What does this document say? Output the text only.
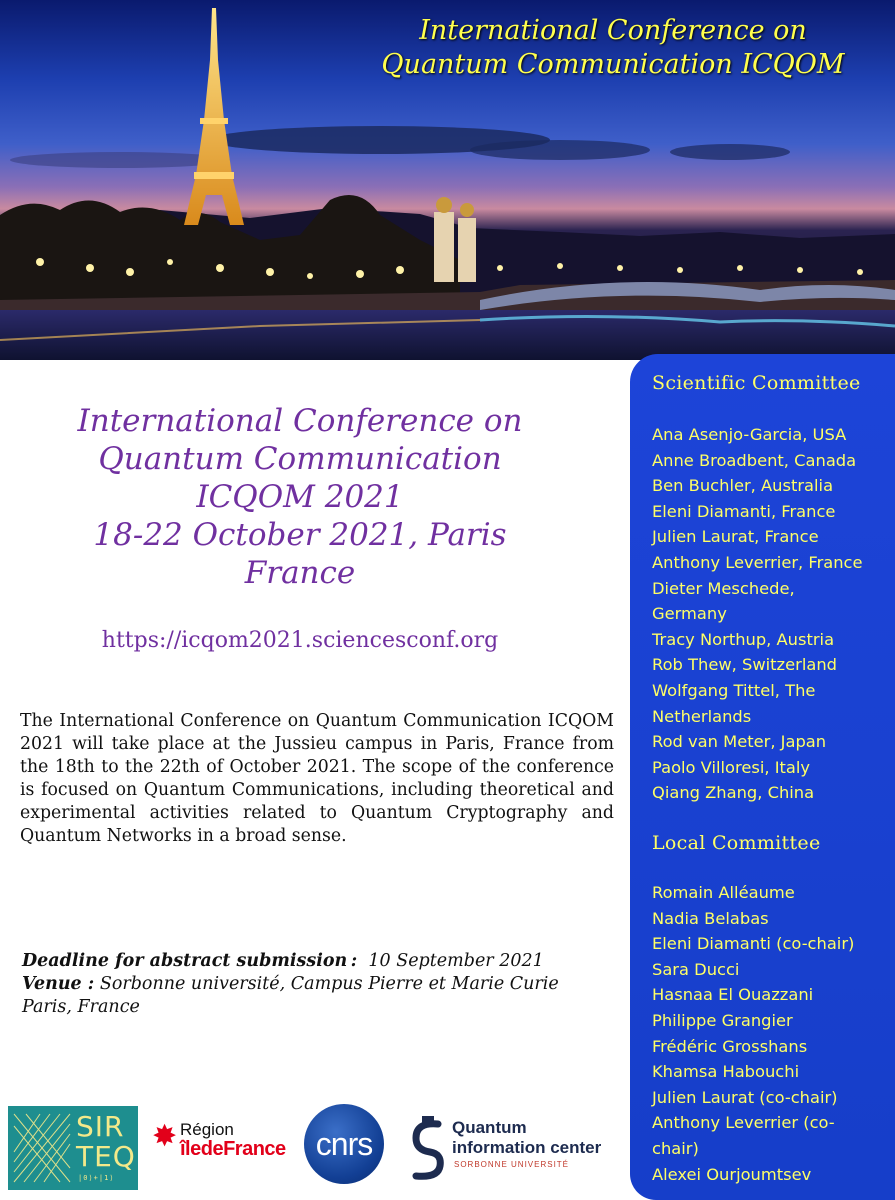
International Conference on
Quantum Communication ICQOM
International Conference on
Quantum Communication
ICQOM 2021
18-22 October 2021, Paris
France
https://icqom2021.sciencesconf.org

The International Conference on Quantum Communication ICQOM 2021 will take place at the Jussieu campus in Paris, France from the 18th to the 22th of October 2021. The scope of the conference is focused on Quantum Communications, including theoretical and experimental activities related to Quantum Cryptography and Quantum Networks in a broad sense.

Deadline for abstract submission : 10 September 2021
Venue : Sorbonne université, Campus Pierre et Marie Curie
Paris, France
SIR
TEQ
|0⟩+|1⟩
✸ Région
îledeFrance cnrs	Quantum
information center
SORBONNE UNIVERSITÉ
Scientific Committee
Ana Asenjo-Garcia, USA
Anne Broadbent, Canada
Ben Buchler, Australia
Eleni Diamanti, France
Julien Laurat, France
Anthony Leverrier, France
Dieter Meschede,
Germany
Tracy Northup, Austria
Rob Thew, Switzerland
Wolfgang Tittel, The
Netherlands
Rod van Meter, Japan
Paolo Villoresi, Italy
Qiang Zhang, China
Local Committee
Romain Alléaume
Nadia Belabas
Eleni Diamanti (co-chair)
Sara Ducci
Hasnaa El Ouazzani
Philippe Grangier
Frédéric Grosshans
Khamsa Habouchi
Julien Laurat (co-chair)
Anthony Leverrier (co-
chair)
Alexei Ourjoumtsev
